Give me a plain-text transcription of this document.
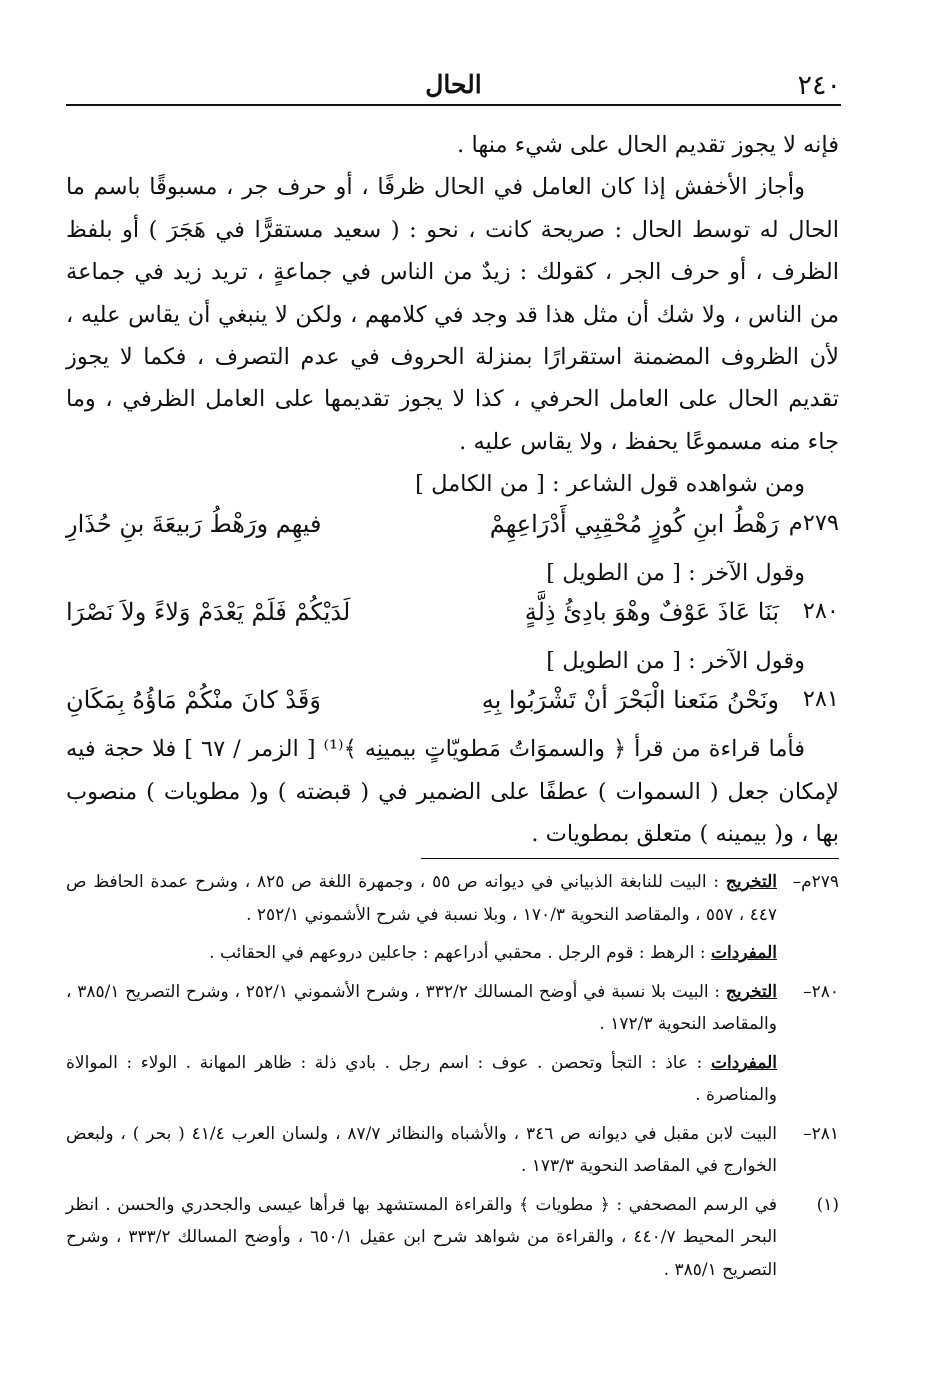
٢٤٠
الحال

فإنه لا يجوز تقديم الحال على شيء منها .

وأجاز الأخفش إذا كان العامل في الحال ظرفًا ، أو حرف جر ، مسبوقًا باسم ما الحال له توسط الحال : صريحة كانت ، نحو : ( سعيد مستقرًّا في هَجَرَ ) أو بلفظ الظرف ، أو حرف الجر ، كقولك : زيدٌ من الناس في جماعةٍ ، تريد زيد في جماعة من الناس ، ولا شك أن مثل هذا قد وجد في كلامهم ، ولكن لا ينبغي أن يقاس عليه ، لأن الظروف المضمنة استقرارًا بمنزلة الحروف في عدم التصرف ، فكما لا يجوز تقديم الحال على العامل الحرفي ، كذا لا يجوز تقديمها على العامل الظرفي ، وما جاء منه مسموعًا يحفظ ، ولا يقاس عليه .

ومن شواهده قول الشاعر : [ من الكامل ]

٢٧٩م
رَهْطُ ابنِ كُوزٍ مُحْقِبِي أَدْرَاعِهِمْ
فيهِم ورَهْطُ رَبيعَةَ بنِ حُذَارِ

وقول الآخر : [ من الطويل ]

٢٨٠
بَنَا عَاذَ عَوْفٌ وهْوَ بادِئُ ذِلَّةٍ
لَدَيْكُمْ فَلَمْ يَعْدَمْ وَلاءً ولاَ نَصْرَا

وقول الآخر : [ من الطويل ]

٢٨١
ونَحْنُ مَنَعنا الْبَحْرَ أنْ تَشْرَبُوا بِهِ
وَقَدْ كانَ منْكُمْ مَاؤُهُ بِمَكَانِ

فأما قراءة من قرأ ﴿ والسموَاتُ مَطويّاتٍ بيمينِه ﴾⁽¹⁾ [ الزمر / ٦٧ ] فلا حجة فيه لإمكان جعل ( السموات ) عطفًا على الضمير في ( قبضته ) و( مطويات ) منصوب بها ، و( بيمينه ) متعلق بمطويات .

٢٧٩م–
التخريج : البيت للنابغة الذبياني في ديوانه ص ٥٥ ، وجمهرة اللغة ص ٨٢٥ ، وشرح عمدة الحافظ ص ٤٤٧ ، ٥٥٧ ، والمقاصد النحوية ١٧٠/٣ ، وبلا نسبة في شرح الأشموني ٢٥٢/١ .

المفردات : الرهط : قوم الرجل . محقبي أدراعهم : جاعلين دروعهم في الحقائب .

٢٨٠–
التخريج : البيت بلا نسبة في أوضح المسالك ٣٣٢/٢ ، وشرح الأشموني ٢٥٢/١ ، وشرح التصريح ٣٨٥/١ ، والمقاصد النحوية ١٧٢/٣ .

المفردات : عاذ : التجأ وتحصن . عوف : اسم رجل . بادي ذلة : ظاهر المهانة . الولاء : الموالاة والمناصرة .

٢٨١–
البيت لابن مقبل في ديوانه ص ٣٤٦ ، والأشباه والنظائر ٨٧/٧ ، ولسان العرب ٤١/٤ ( بحر ) ، ولبعض الخوارج في المقاصد النحوية ١٧٣/٣ .

(١)
في الرسم المصحفي : ﴿ مطويات ﴾ والقراءة المستشهد بها قرأها عيسى والجحدري والحسن . انظر البحر المحيط ٤٤٠/٧ ، والقراءة من شواهد شرح ابن عقيل ٦٥٠/١ ، وأوضح المسالك ٣٣٣/٢ ، وشرح التصريح ٣٨٥/١ .
